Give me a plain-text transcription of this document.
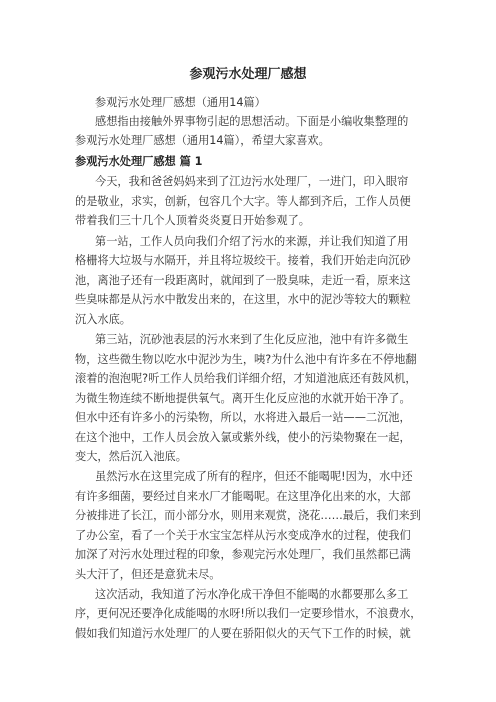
参观污水处理厂感想
参观污水处理厂感想（通用14篇）
感想指由接触外界事物引起的思想活动。下面是小编收集整理的
参观污水处理厂感想（通用14篇），希望大家喜欢。
参观污水处理厂感想 篇 1
今天，我和爸爸妈妈来到了江边污水处理厂，一进门，印入眼帘
的是敬业，求实，创新，包容几个大字。等人都到齐后，工作人员便
带着我们三十几个人顶着炎炎夏日开始参观了。
第一站，工作人员向我们介绍了污水的来源，并让我们知道了用
格栅将大垃圾与水隔开，并且将垃圾绞干。接着，我们开始走向沉砂
池，离池子还有一段距离时，就闻到了一股臭味，走近一看，原来这
些臭味都是从污水中散发出来的，在这里，水中的泥沙等较大的颗粒
沉入水底。
第三站，沉砂池表层的污水来到了生化反应池，池中有许多微生
物，这些微生物以吃水中泥沙为生，咦?为什么池中有许多在不停地翻
滚着的泡泡呢?听工作人员给我们详细介绍，才知道池底还有鼓风机，
为微生物连续不断地提供氧气。离开生化反应池的水就开始干净了。
但水中还有许多小的污染物，所以，水将进入最后一站——二沉池，
在这个池中，工作人员会放入氯或紫外线，使小的污染物聚在一起，
变大，然后沉入池底。
虽然污水在这里完成了所有的程序，但还不能喝呢!因为，水中还
有许多细菌，要经过自来水厂才能喝呢。在这里净化出来的水，大部
分被排进了长江，而小部分水，则用来观赏，浇花……最后，我们来到
了办公室，看了一个关于水宝宝怎样从污水变成净水的过程，使我们
加深了对污水处理过程的印象，参观完污水处理厂，我们虽然都已满
头大汗了，但还是意犹未尽。
这次活动，我知道了污水净化成干净但不能喝的水都要那么多工
序，更何况还要净化成能喝的水呀!所以我们一定要珍惜水，不浪费水，
假如我们知道污水处理厂的人要在骄阳似火的天气下工作的时候，就
